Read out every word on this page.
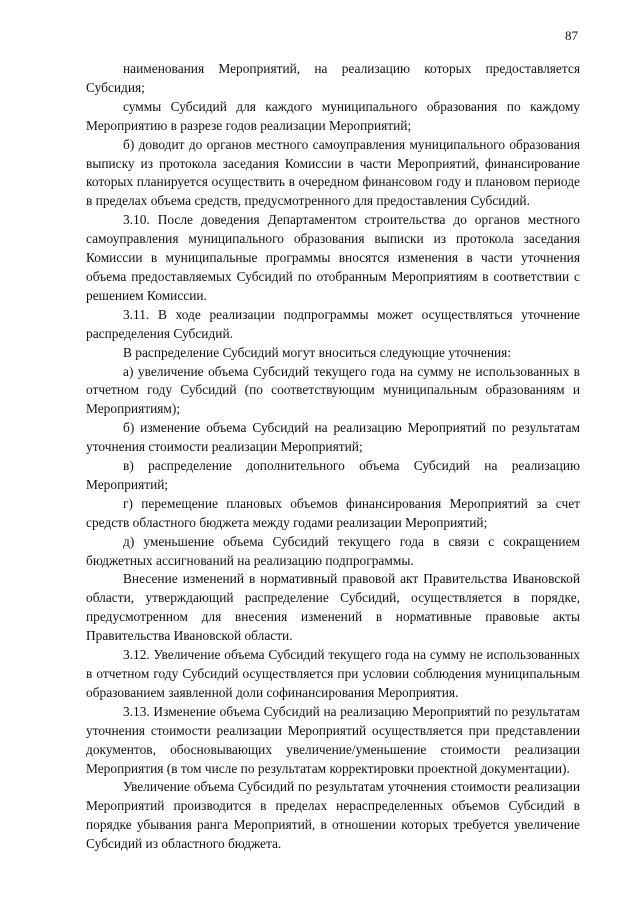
87

наименования Мероприятий, на реализацию которых предоставляется Субсидия;

суммы Субсидий для каждого муниципального образования по каждому Мероприятию в разрезе годов реализации Мероприятий;

б) доводит до органов местного самоуправления муниципального образования выписку из протокола заседания Комиссии в части Мероприятий, финансирование которых планируется осуществить в очередном финансовом году и плановом периоде в пределах объема средств, предусмотренного для предоставления Субсидий.

3.10. После доведения Департаментом строительства до органов местного самоуправления муниципального образования выписки из протокола заседания Комиссии в муниципальные программы вносятся изменения в части уточнения объема предоставляемых Субсидий по отобранным Мероприятиям в соответствии с решением Комиссии.

3.11. В ходе реализации подпрограммы может осуществляться уточнение распределения Субсидий.

В распределение Субсидий могут вноситься следующие уточнения:

а) увеличение объема Субсидий текущего года на сумму не использованных в отчетном году Субсидий (по соответствующим муниципальным образованиям и Мероприятиям);

б) изменение объема Субсидий на реализацию Мероприятий по результатам уточнения стоимости реализации Мероприятий;

в) распределение дополнительного объема Субсидий на реализацию Мероприятий;

г) перемещение плановых объемов финансирования Мероприятий за счет средств областного бюджета между годами реализации Мероприятий;

д) уменьшение объема Субсидий текущего года в связи с сокращением бюджетных ассигнований на реализацию подпрограммы.

Внесение изменений в нормативный правовой акт Правительства Ивановской области, утверждающий распределение Субсидий, осуществляется в порядке, предусмотренном для внесения изменений в нормативные правовые акты Правительства Ивановской области.

3.12. Увеличение объема Субсидий текущего года на сумму не использованных в отчетном году Субсидий осуществляется при условии соблюдения муниципальным образованием заявленной доли софинансирования Мероприятия.

3.13. Изменение объема Субсидий на реализацию Мероприятий по результатам уточнения стоимости реализации Мероприятий осуществляется при представлении документов, обосновывающих увеличение/уменьшение стоимости реализации Мероприятия (в том числе по результатам корректировки проектной документации).

Увеличение объема Субсидий по результатам уточнения стоимости реализации Мероприятий производится в пределах нераспределенных объемов Субсидий в порядке убывания ранга Мероприятий, в отношении которых требуется увеличение Субсидий из областного бюджета.
